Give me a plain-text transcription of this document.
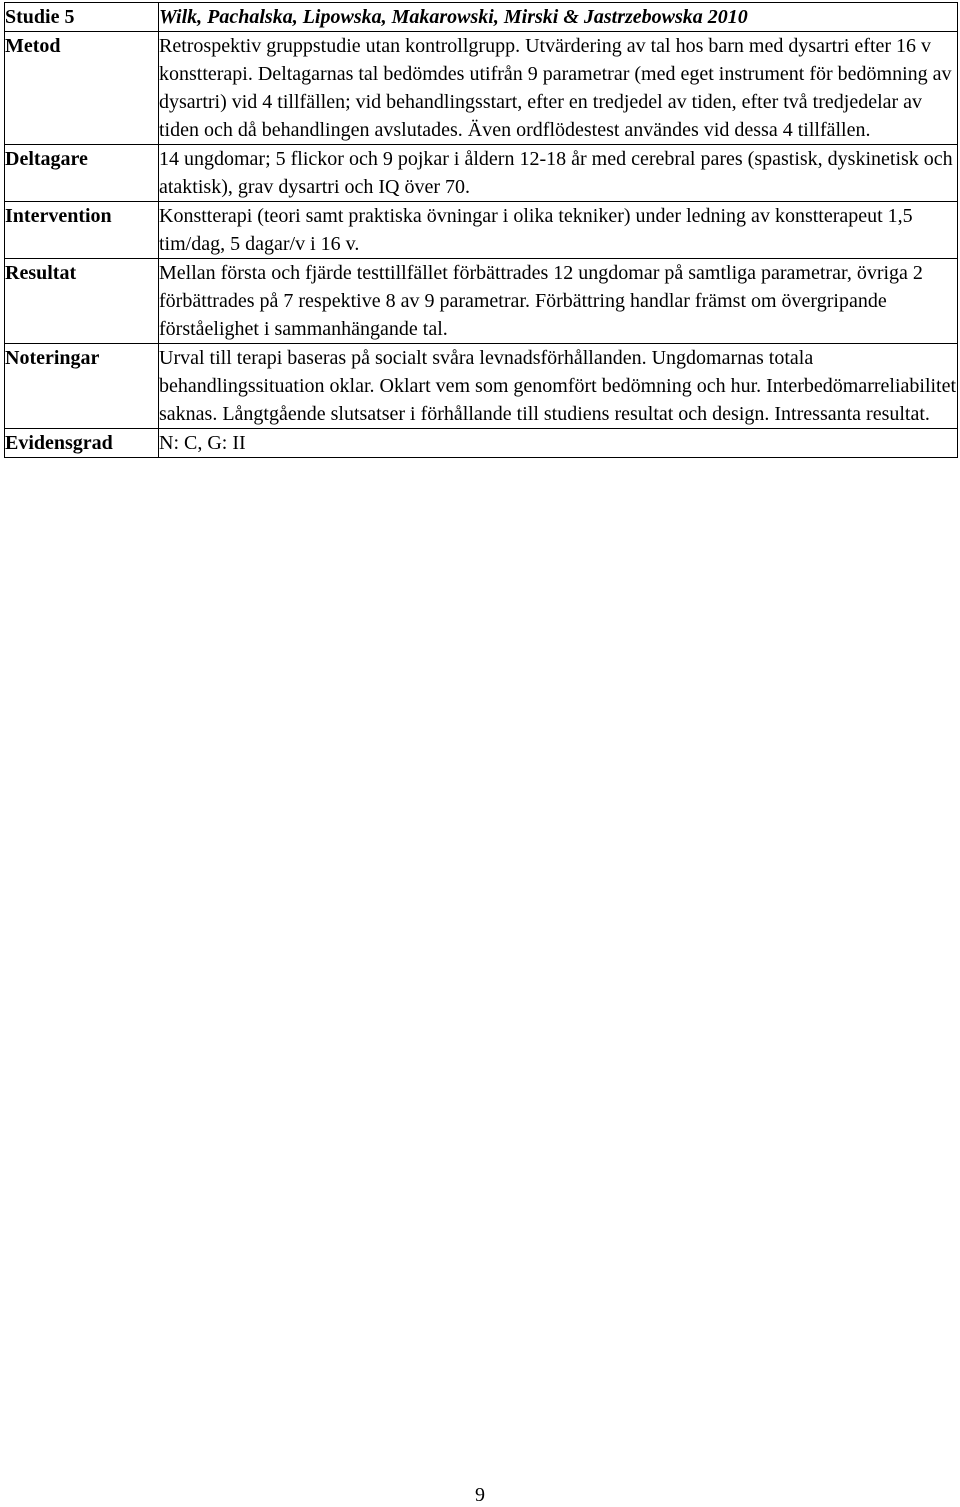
Studie 5	Wilk, Pachalska, Lipowska, Makarowski, Mirski & Jastrzebowska 2010
Metod	Retrospektiv gruppstudie utan kontrollgrupp. Utvärdering av tal hos barn med dysartri efter 16 v konstterapi. Deltagarnas tal bedömdes utifrån 9 parametrar (med eget instrument för bedömning av dysartri) vid 4 tillfällen; vid behandlingsstart, efter en tredjedel av tiden, efter två tredjedelar av tiden och då behandlingen avslutades. Även ordflödestest användes vid dessa 4 tillfällen.
Deltagare	14 ungdomar; 5 flickor och 9 pojkar i åldern 12-18 år med cerebral pares (spastisk, dyskinetisk och ataktisk), grav dysartri och IQ över 70.
Intervention	Konstterapi (teori samt praktiska övningar i olika tekniker) under ledning av konstterapeut 1,5 tim/dag, 5 dagar/v i 16 v.
Resultat	Mellan första och fjärde testtillfället förbättrades 12 ungdomar på samtliga parametrar, övriga 2 förbättrades på 7 respektive 8 av 9 parametrar. Förbättring handlar främst om övergripande förståelighet i sammanhängande tal.
Noteringar	Urval till terapi baseras på socialt svåra levnadsförhållanden. Ungdomarnas totala behandlingssituation oklar. Oklart vem som genomfört bedömning och hur. Interbedömarreliabilitet saknas. Långtgående slutsatser i förhållande till studiens resultat och design. Intressanta resultat.
Evidensgrad	N: C, G: II
9
